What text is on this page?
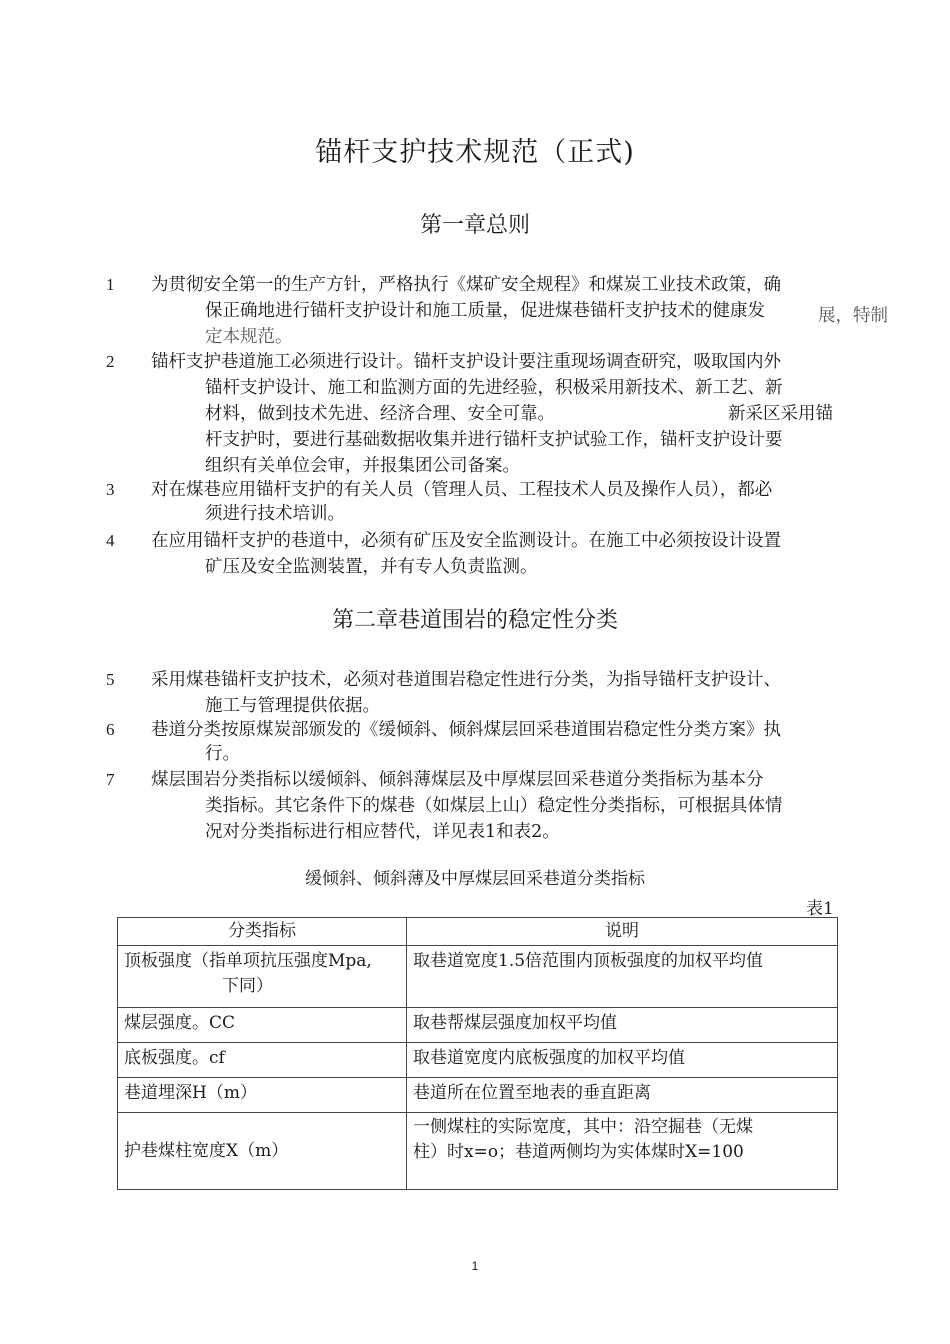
锚杆支护技术规范（正式)
第一章总则
1	为贯彻安全第一的生产方针，严格执行《煤矿安全规程》和煤炭工业技术政策，确
保正确地进行锚杆支护设计和施工质量，促进煤巷锚杆支护技术的健康发	展，特制
定本规范。
2	锚杆支护巷道施工必须进行设计。锚杆支护设计要注重现场调查研究，吸取国内外
锚杆支护设计、施工和监测方面的先进经验，积极采用新技术、新工艺、新
材料，做到技术先进、经济合理、安全可靠。	新采区采用锚
杆支护时，要进行基础数据收集并进行锚杆支护试验工作，锚杆支护设计要
组织有关单位会审，并报集团公司备案。
3	对在煤巷应用锚杆支护的有关人员（管理人员、工程技术人员及操作人员），都必
须进行技术培训。
4	在应用锚杆支护的巷道中，必须有矿压及安全监测设计。在施工中必须按设计设置
矿压及安全监测装置，并有专人负责监测。
第二章巷道围岩的稳定性分类
5	采用煤巷锚杆支护技术，必须对巷道围岩稳定性进行分类，为指导锚杆支护设计、
施工与管理提供依据。
6	巷道分类按原煤炭部颁发的《缓倾斜、倾斜煤层回采巷道围岩稳定性分类方案》执
行。
7	煤层围岩分类指标以缓倾斜、倾斜薄煤层及中厚煤层回采巷道分类指标为基本分
类指标。其它条件下的煤巷（如煤层上山）稳定性分类指标，可根据具体情
况对分类指标进行相应替代，详见表1和表2。
缓倾斜、倾斜薄及中厚煤层回采巷道分类指标
表1
分类指标	说明

顶板强度（指单项抗压强度Mpa,
下同）	取巷道宽度1.5倍范围内顶板强度的加权平均值
煤层强度。CC	取巷帮煤层强度加权平均值
底板强度。cf	取巷道宽度内底板强度的加权平均值
巷道埋深H（m）	巷道所在位置至地表的垂直距离
护巷煤柱宽度X（m）	一侧煤柱的实际宽度，其中：沿空掘巷（无煤
柱）时x=o；巷道两侧均为实体煤时X=100
1
